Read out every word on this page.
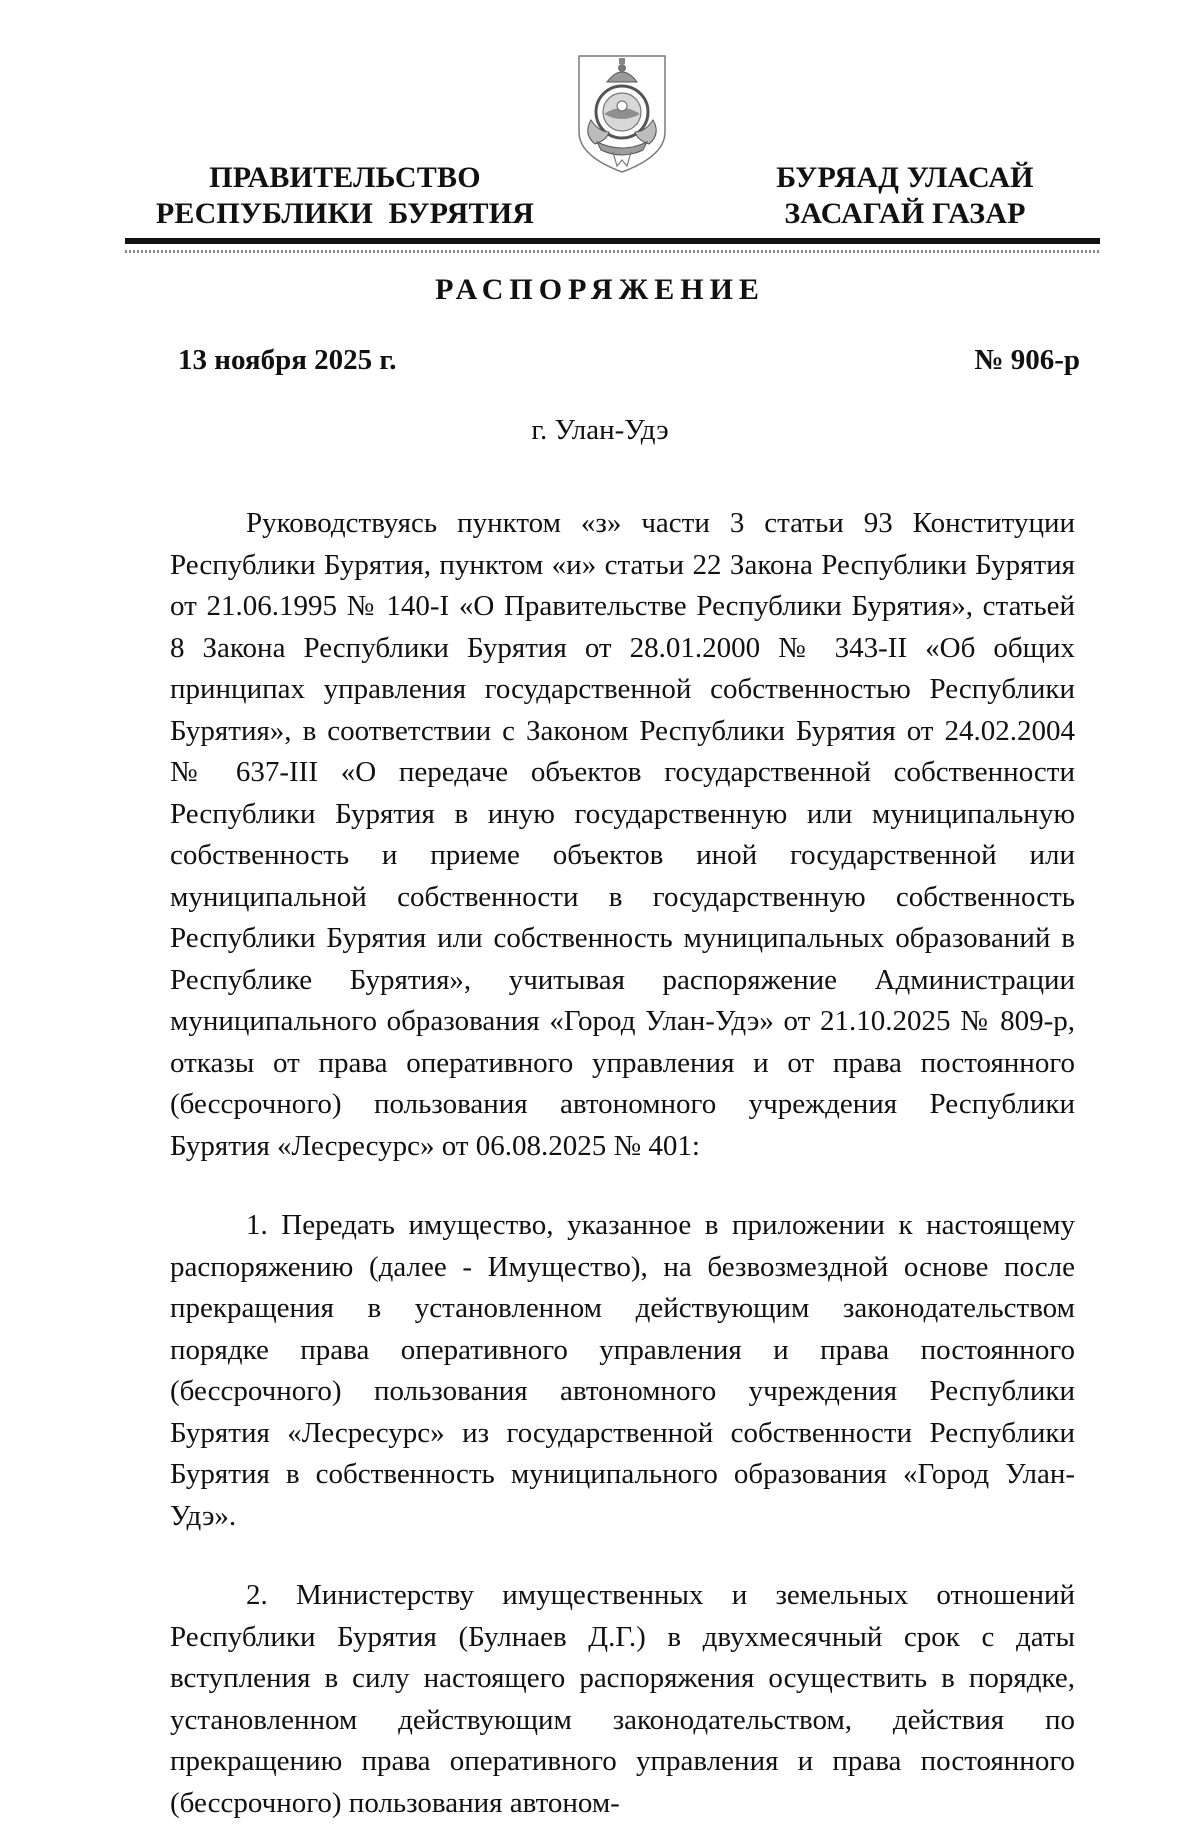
ПРАВИТЕЛЬСТВО
РЕСПУБЛИКИ  БУРЯТИЯ
БУРЯАД УЛАСАЙ
ЗАСАГАЙ ГАЗАР
РАСПОРЯЖЕНИЕ
13 ноября 2025 г.	№ 906-р
г. Улан-Удэ

Руководствуясь пунктом «з» части 3 статьи 93 Конституции Республики Бурятия, пунктом «и» статьи 22 Закона Республики Бурятия от 21.06.1995 № 140-I «О Правительстве Республики Бурятия», статьей 8 Закона Республики Бурятия от 28.01.2000 № 343-II «Об общих принципах управления государственной собственностью Республики Бурятия», в соответствии с Законом Республики Бурятия от 24.02.2004 № 637-III «О передаче объектов государственной собственности Республики Бурятия в иную государственную или муниципальную собственность и приеме объектов иной государственной или муниципальной собственности в государственную собственность Республики Бурятия или собственность муниципальных образований в Республике Бурятия», учитывая распоряжение Администрации муниципального образования «Город Улан-Удэ» от 21.10.2025 № 809-р, отказы от права оперативного управления и от права постоянного (бессрочного) пользования автономного учреждения Республики Бурятия «Лесресурс» от 06.08.2025 № 401:

1. Передать имущество, указанное в приложении к настоящему распоряжению (далее - Имущество), на безвозмездной основе после прекращения в установленном действующим законодательством порядке права оперативного управления и права постоянного (бессрочного) пользования автономного учреждения Республики Бурятия «Лесресурс» из государственной собственности Республики Бурятия в собственность муниципального образования «Город Улан-Удэ».

2. Министерству имущественных и земельных отношений Республики Бурятия (Булнаев Д.Г.) в двухмесячный срок с даты вступления в силу настоящего распоряжения осуществить в порядке, установленном действующим законодательством, действия по прекращению права оперативного управления и права постоянного (бессрочного) пользования автоном-
